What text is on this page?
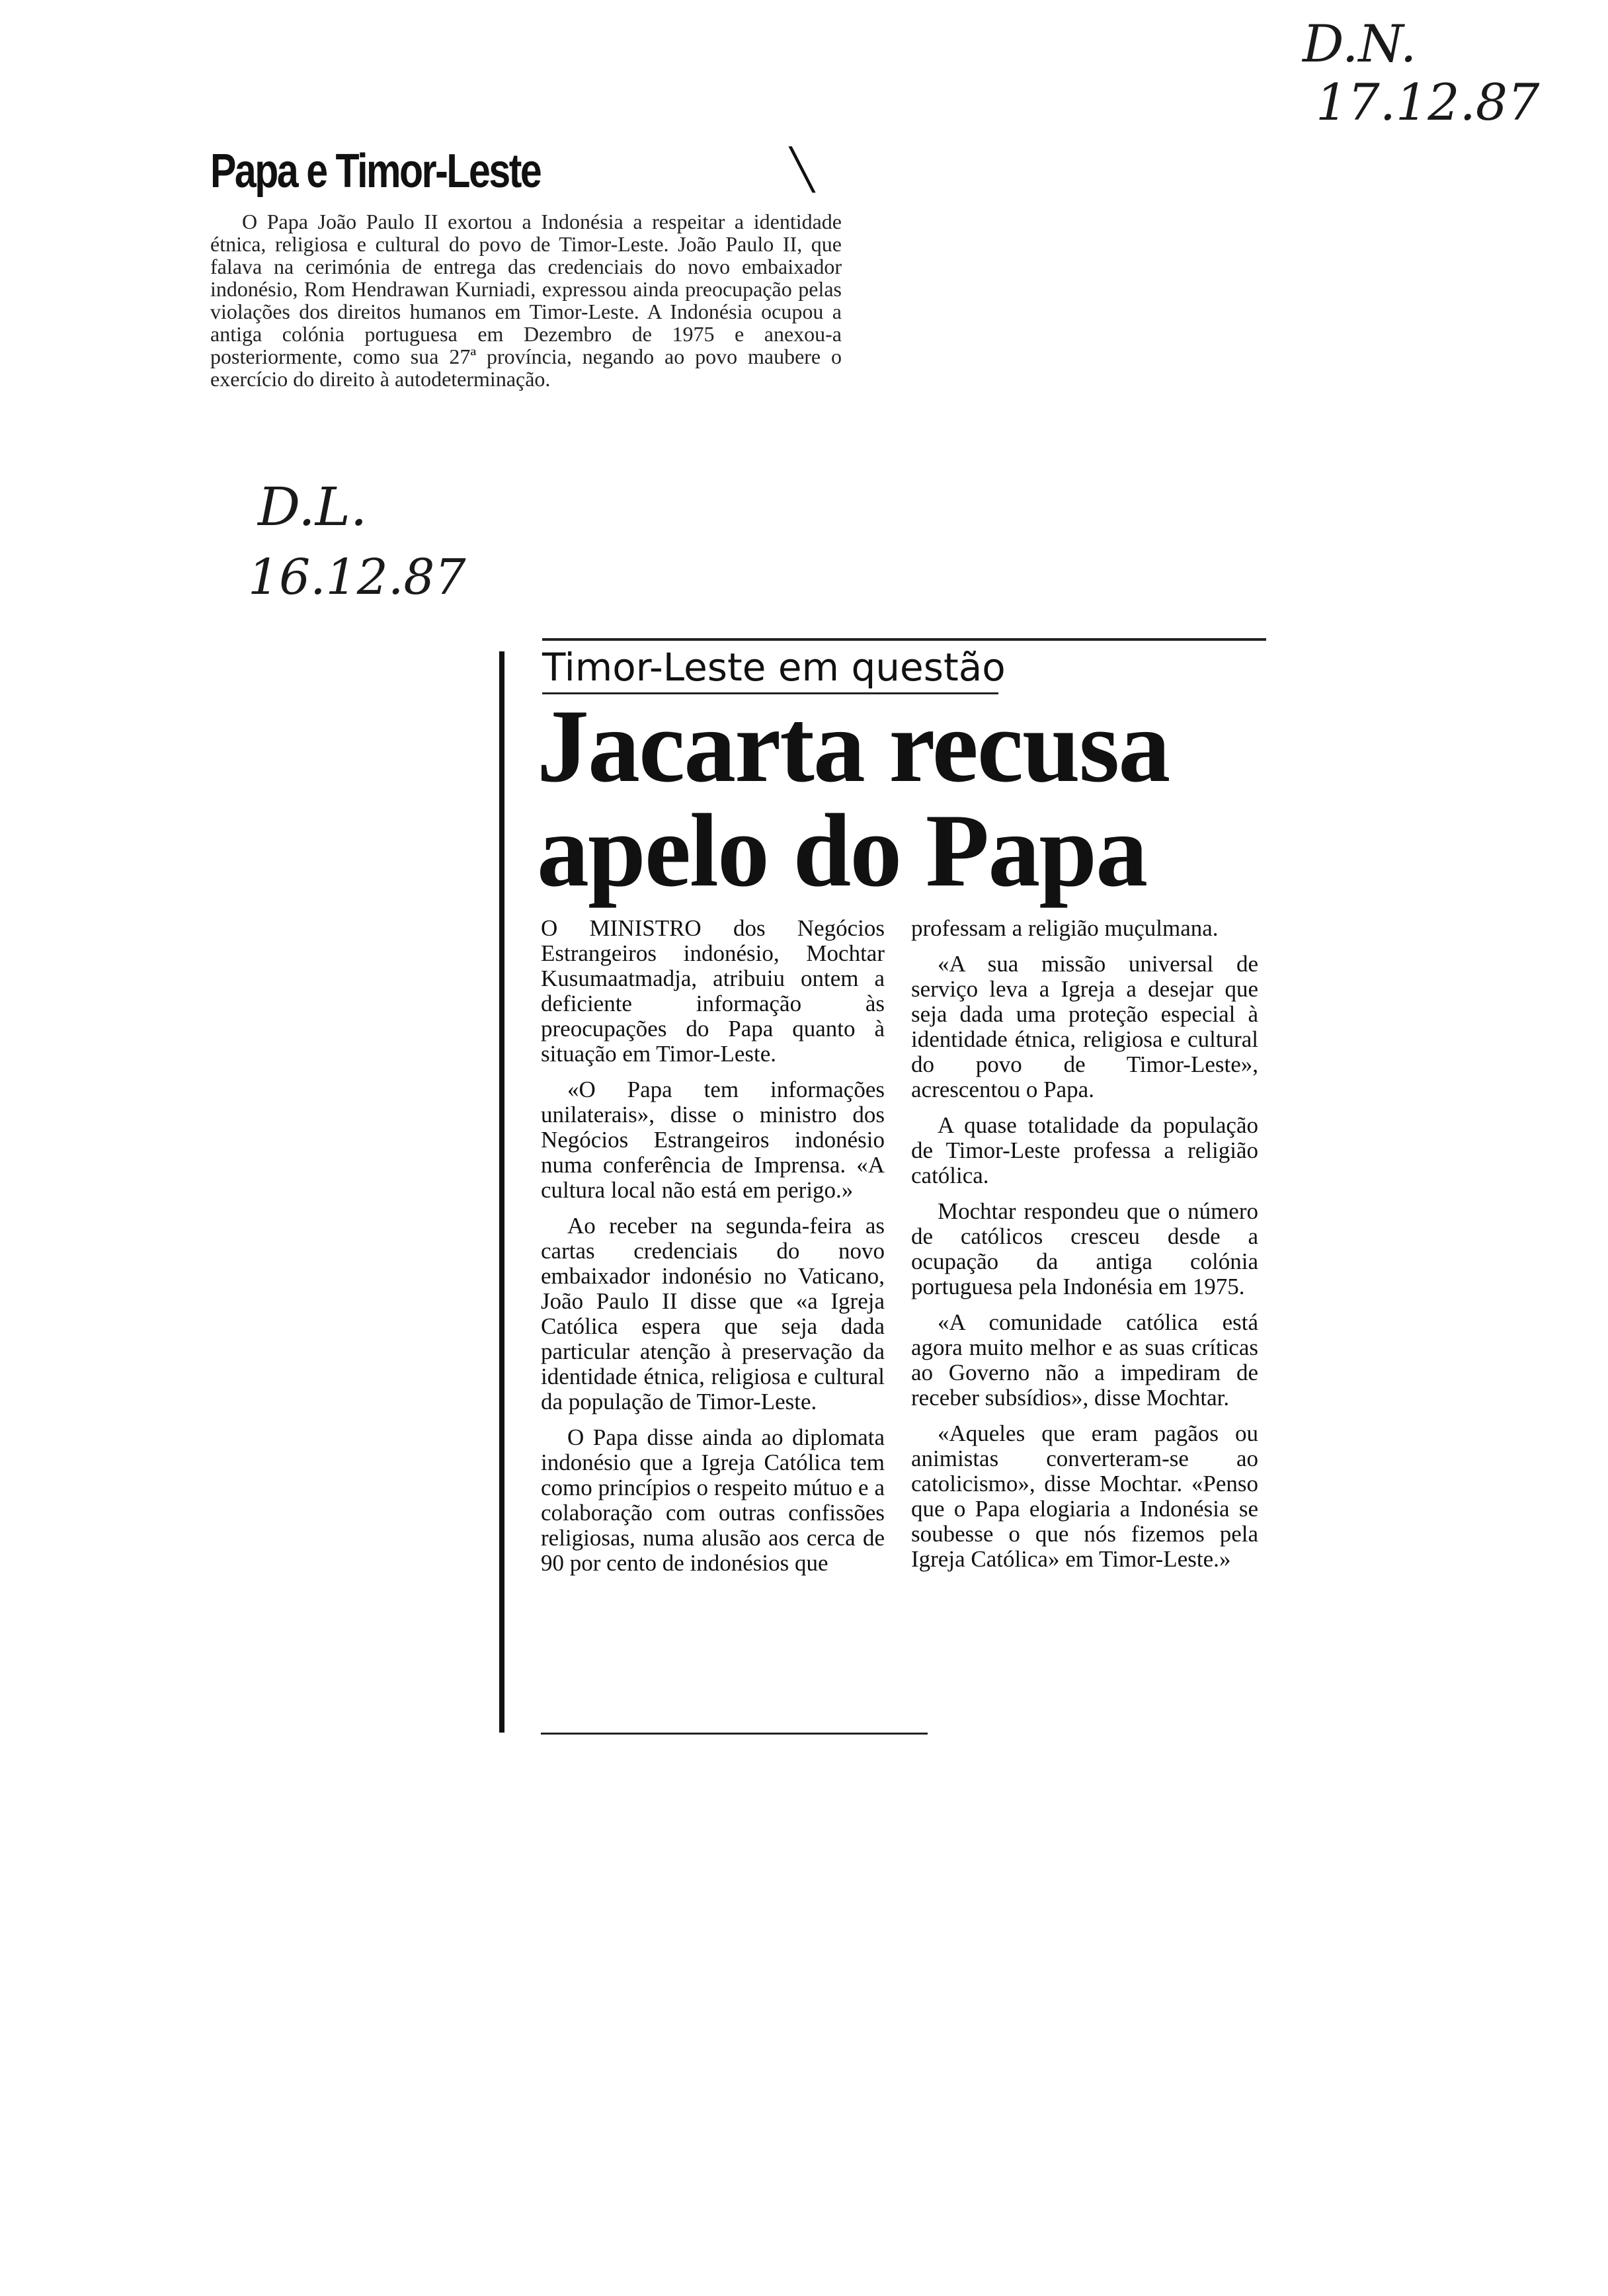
D.N.
17.12.87
D.L.
16.12.87
Papa e Timor-Leste	╲

O Papa João Paulo II exortou a Indonésia a respeitar a identidade étnica, religiosa e cultural do povo de Timor-Leste. João Paulo II, que falava na cerimónia de entrega das credenciais do novo embaixador indonésio, Rom Hendrawan Kurniadi, expressou ainda preocupação pelas violações dos direitos humanos em Timor-Leste. A Indonésia ocupou a antiga colónia portuguesa em Dezembro de 1975 e anexou-a posteriormente, como sua 27ª província, negando ao povo maubere o exercício do direito à autodeterminação.

Timor-Leste em questão
Jacarta recusa
apelo do Papa

O MINISTRO dos Negócios Estrangeiros indonésio, Mochtar Kusumaatmadja, atribuiu ontem a deficiente informação às preocupações do Papa quanto à situação em Timor-Leste.

«O Papa tem informações unilaterais», disse o ministro dos Negócios Estrangeiros indonésio numa conferência de Imprensa. «A cultura local não está em perigo.»

Ao receber na segunda-feira as cartas credenciais do novo embaixador indonésio no Vaticano, João Paulo II disse que «a Igreja Católica espera que seja dada particular atenção à preservação da identidade étnica, religiosa e cultural da população de Timor-Leste.

O Papa disse ainda ao diplomata indonésio que a Igreja Católica tem como princípios o respeito mútuo e a colaboração com outras confissões religiosas, numa alusão aos cerca de 90 por cento de indonésios que

professam a religião muçulmana.

«A sua missão universal de serviço leva a Igreja a desejar que seja dada uma proteção especial à identidade étnica, religiosa e cultural do povo de Timor-Leste», acrescentou o Papa.

A quase totalidade da população de Timor-Leste professa a religião católica.

Mochtar respondeu que o número de católicos cresceu desde a ocupação da antiga colónia portuguesa pela Indonésia em 1975.

«A comunidade católica está agora muito melhor e as suas críticas ao Governo não a impediram de receber subsídios», disse Mochtar.

«Aqueles que eram pagãos ou animistas converteram-se ao catolicismo», disse Mochtar. «Penso que o Papa elogiaria a Indonésia se soubesse o que nós fizemos pela Igreja Católica» em Timor-Leste.»
